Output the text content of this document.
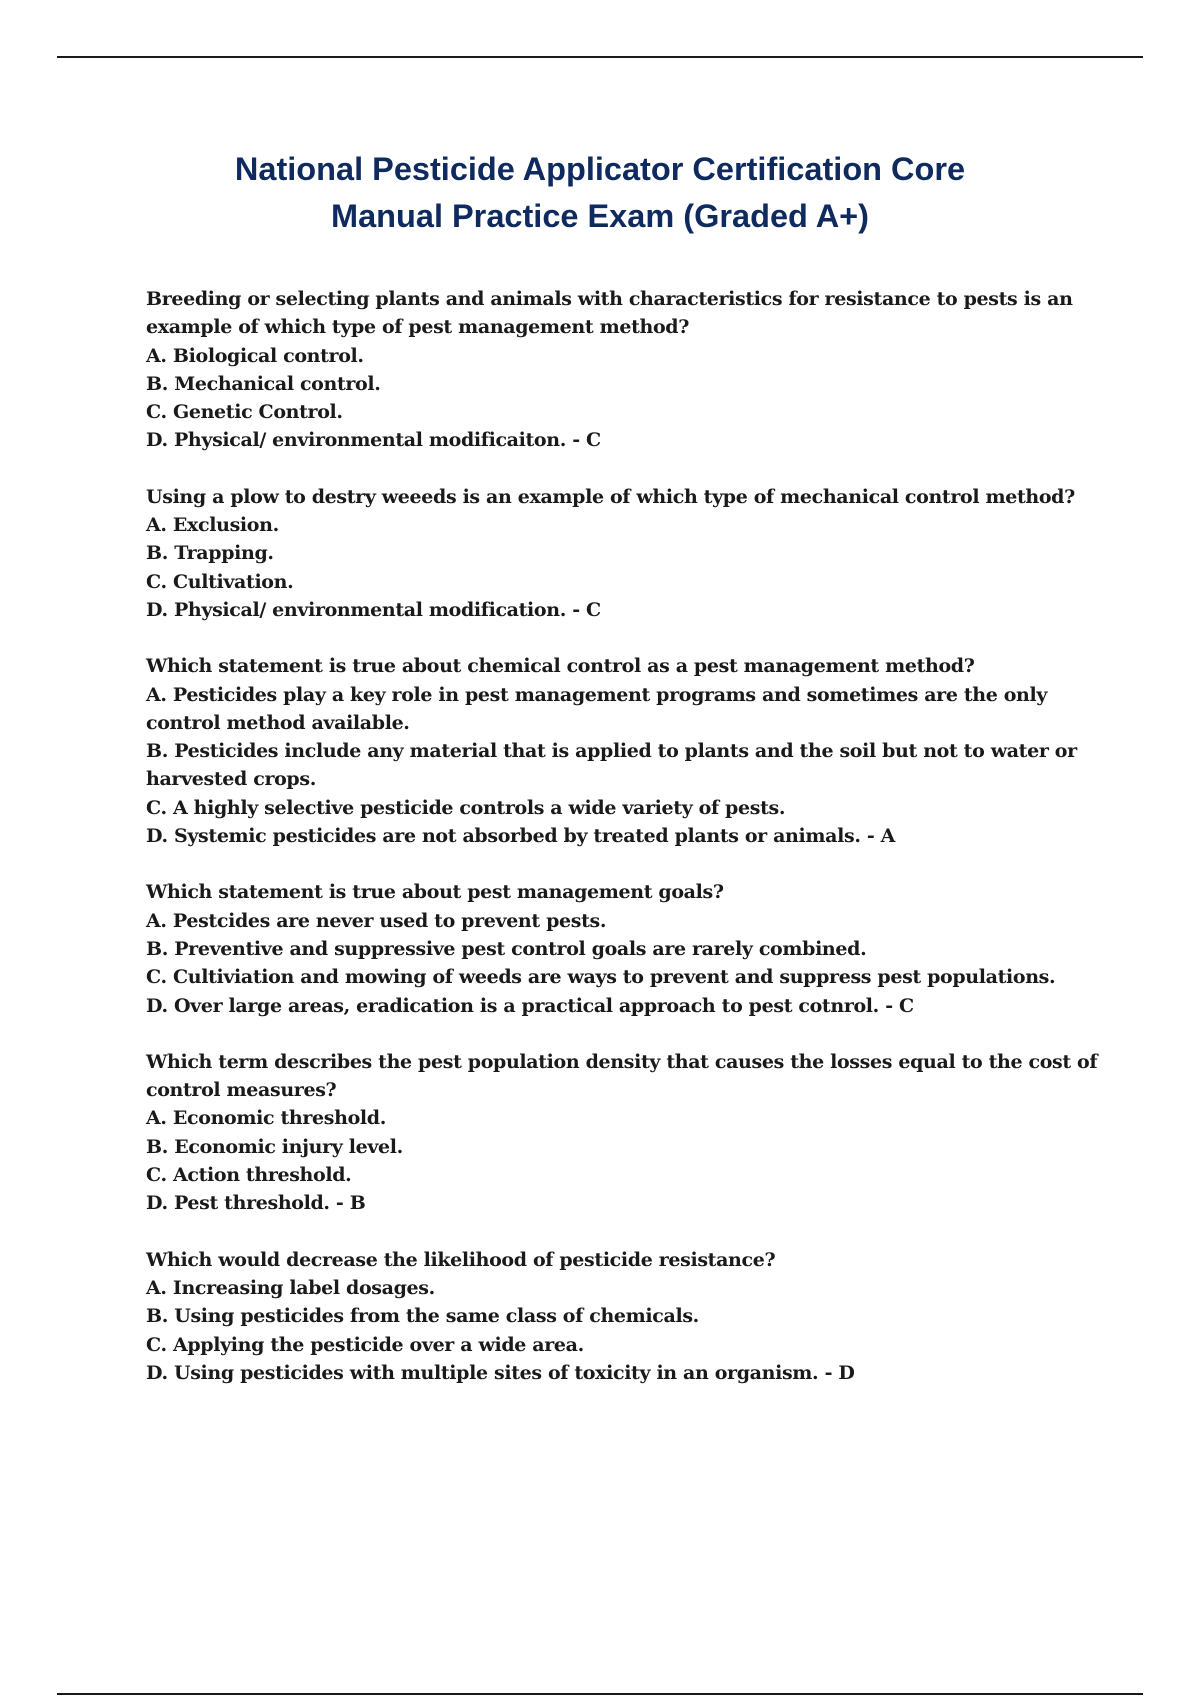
National Pesticide Applicator Certification Core
Manual Practice Exam (Graded A+)

Breeding or selecting plants and animals with characteristics for resistance to pests is an example of which type of pest management method?

A. Biological control.

B. Mechanical control.

C. Genetic Control.

D. Physical/ environmental modificaiton. - C

Using a plow to destry weeeds is an example of which type of mechanical control method?

A. Exclusion.

B. Trapping.

C. Cultivation.

D. Physical/ environmental modification. - C

Which statement is true about chemical control as a pest management method?

A. Pesticides play a key role in pest management programs and sometimes are the only control method available.

B. Pesticides include any material that is applied to plants and the soil but not to water or harvested crops.

C. A highly selective pesticide controls a wide variety of pests.

D. Systemic pesticides are not absorbed by treated plants or animals. - A

Which statement is true about pest management goals?

A. Pestcides are never used to prevent pests.

B. Preventive and suppressive pest control goals are rarely combined.

C. Cultiviation and mowing of weeds are ways to prevent and suppress pest populations.

D. Over large areas, eradication is a practical approach to pest cotnrol. - C

Which term describes the pest population density that causes the losses equal to the cost of control measures?

A. Economic threshold.

B. Economic injury level.

C. Action threshold.

D. Pest threshold. - B

Which would decrease the likelihood of pesticide resistance?

A. Increasing label dosages.

B. Using pesticides from the same class of chemicals.

C. Applying the pesticide over a wide area.

D. Using pesticides with multiple sites of toxicity in an organism. - D
